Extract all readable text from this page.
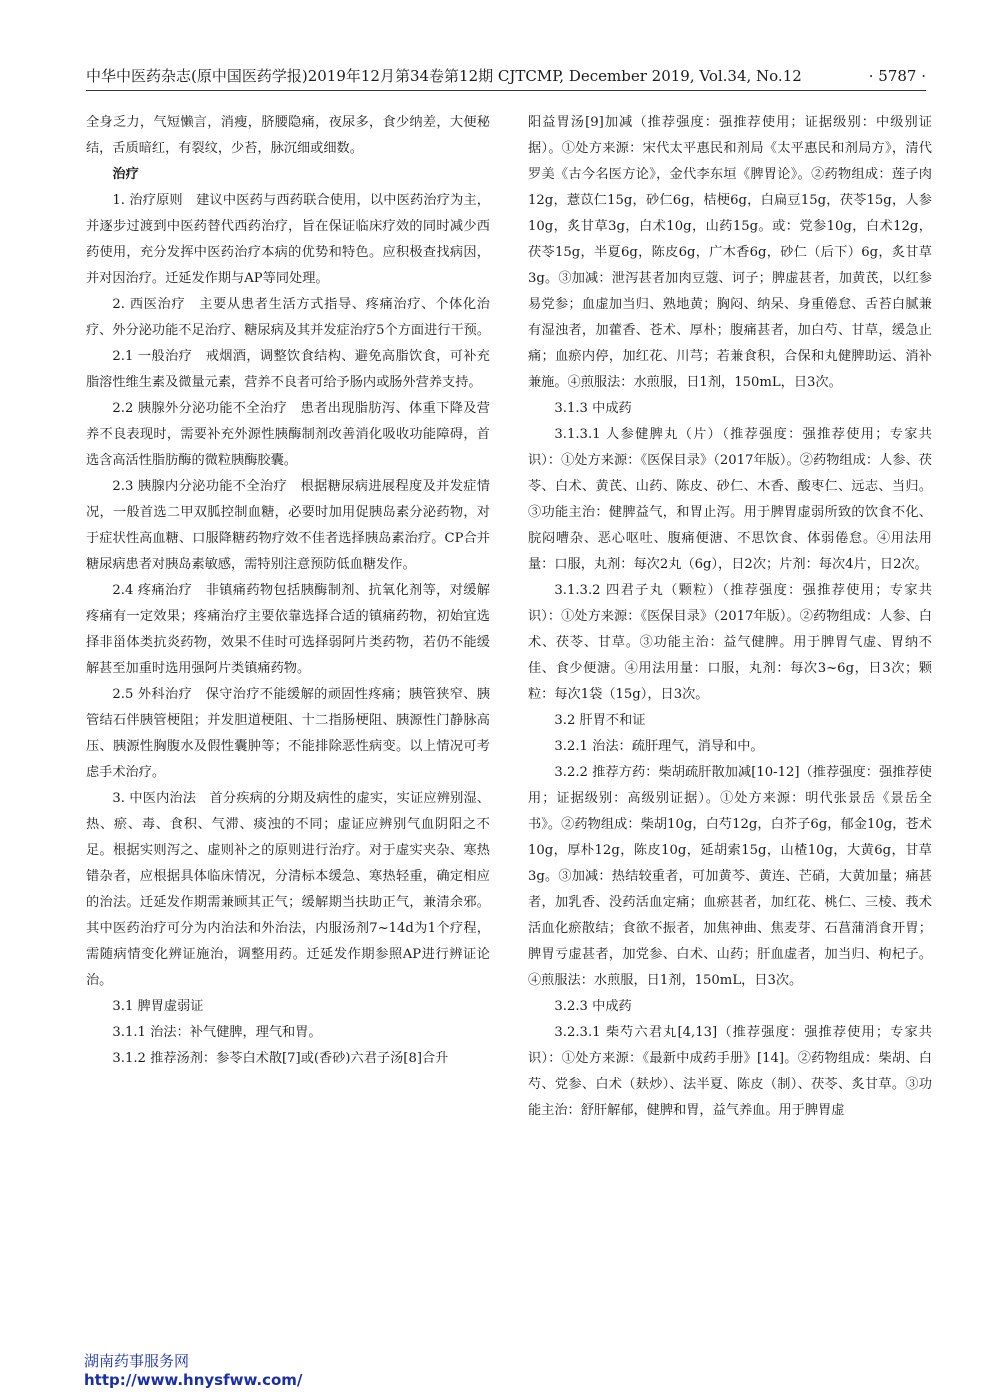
中华中医药杂志(原中国医药学报)2019年12月第34卷第12期 CJTCMP, December 2019, Vol.34, No.12	· 5787 ·

全身乏力，气短懒言，消瘦，脐腰隐痛，夜尿多，食少纳差，大便秘结，舌质暗红，有裂纹，少苔，脉沉细或细数。

治疗

1. 治疗原则　建议中医药与西药联合使用，以中医药治疗为主，并逐步过渡到中医药替代西药治疗，旨在保证临床疗效的同时减少西药使用，充分发挥中医药治疗本病的优势和特色。应积极查找病因，并对因治疗。迁延发作期与AP等同处理。

2. 西医治疗　主要从患者生活方式指导、疼痛治疗、个体化治疗、外分泌功能不足治疗、糖尿病及其并发症治疗5个方面进行干预。

2.1 一般治疗　戒烟酒，调整饮食结构、避免高脂饮食，可补充脂溶性维生素及微量元素，营养不良者可给予肠内或肠外营养支持。

2.2 胰腺外分泌功能不全治疗　患者出现脂肪泻、体重下降及营养不良表现时，需要补充外源性胰酶制剂改善消化吸收功能障碍，首选含高活性脂肪酶的微粒胰酶胶囊。

2.3 胰腺内分泌功能不全治疗　根据糖尿病进展程度及并发症情况，一般首选二甲双胍控制血糖，必要时加用促胰岛素分泌药物，对于症状性高血糖、口服降糖药物疗效不佳者选择胰岛素治疗。CP合并糖尿病患者对胰岛素敏感，需特别注意预防低血糖发作。

2.4 疼痛治疗　非镇痛药物包括胰酶制剂、抗氧化剂等，对缓解疼痛有一定效果；疼痛治疗主要依靠选择合适的镇痛药物，初始宜选择非甾体类抗炎药物，效果不佳时可选择弱阿片类药物，若仍不能缓解甚至加重时选用强阿片类镇痛药物。

2.5 外科治疗　保守治疗不能缓解的顽固性疼痛；胰管狭窄、胰管结石伴胰管梗阻；并发胆道梗阻、十二指肠梗阻、胰源性门静脉高压、胰源性胸腹水及假性囊肿等；不能排除恶性病变。以上情况可考虑手术治疗。

3. 中医内治法　首分疾病的分期及病性的虚实，实证应辨别湿、热、瘀、毒、食积、气滞、痰浊的不同；虚证应辨别气血阴阳之不足。根据实则泻之、虚则补之的原则进行治疗。对于虚实夹杂、寒热错杂者，应根据具体临床情况，分清标本缓急、寒热轻重，确定相应的治法。迁延发作期需兼顾其正气；缓解期当扶助正气，兼清余邪。其中医药治疗可分为内治法和外治法，内服汤剂7~14d为1个疗程，需随病情变化辨证施治，调整用药。迁延发作期参照AP进行辨证论治。

3.1 脾胃虚弱证

3.1.1 治法：补气健脾，理气和胃。

3.1.2 推荐汤剂：参苓白术散[7]或(香砂)六君子汤[8]合升

阳益胃汤[9]加减（推荐强度：强推荐使用；证据级别：中级别证据）。①处方来源：宋代太平惠民和剂局《太平惠民和剂局方》，清代罗美《古今名医方论》，金代李东垣《脾胃论》。②药物组成：莲子肉12g，薏苡仁15g，砂仁6g，桔梗6g，白扁豆15g，茯苓15g，人参10g，炙甘草3g，白术10g，山药15g。或：党参10g，白术12g，茯苓15g，半夏6g，陈皮6g，广木香6g，砂仁（后下）6g，炙甘草3g。③加减：泄泻甚者加肉豆蔻、诃子；脾虚甚者，加黄芪，以红参易党参；血虚加当归、熟地黄；胸闷、纳呆、身重倦怠、舌苔白腻兼有湿浊者，加藿香、苍术、厚朴；腹痛甚者，加白芍、甘草，缓急止痛；血瘀内停，加红花、川芎；若兼食积，合保和丸健脾助运、消补兼施。④煎服法：水煎服，日1剂，150mL，日3次。

3.1.3 中成药

3.1.3.1 人参健脾丸（片）（推荐强度：强推荐使用；专家共识）：①处方来源：《医保目录》（2017年版）。②药物组成：人参、茯苓、白术、黄芪、山药、陈皮、砂仁、木香、酸枣仁、远志、当归。③功能主治：健脾益气，和胃止泻。用于脾胃虚弱所致的饮食不化、脘闷嘈杂、恶心呕吐、腹痛便溏、不思饮食、体弱倦怠。④用法用量：口服，丸剂：每次2丸（6g），日2次；片剂：每次4片，日2次。

3.1.3.2 四君子丸（颗粒）（推荐强度：强推荐使用；专家共识）：①处方来源：《医保目录》（2017年版）。②药物组成：人参、白术、茯苓、甘草。③功能主治：益气健脾。用于脾胃气虚、胃纳不佳、食少便溏。④用法用量：口服，丸剂：每次3~6g，日3次；颗粒：每次1袋（15g），日3次。

3.2 肝胃不和证

3.2.1 治法：疏肝理气，消导和中。

3.2.2 推荐方药：柴胡疏肝散加减[10-12]（推荐强度：强推荐使用；证据级别：高级别证据）。①处方来源：明代张景岳《景岳全书》。②药物组成：柴胡10g，白芍12g，白芥子6g，郁金10g，苍术10g，厚朴12g，陈皮10g，延胡索15g，山楂10g，大黄6g，甘草3g。③加减：热结较重者，可加黄芩、黄连、芒硝，大黄加量；痛甚者，加乳香、没药活血定痛；血瘀甚者，加红花、桃仁、三棱、莪术活血化瘀散结；食欲不振者，加焦神曲、焦麦芽、石菖蒲消食开胃；脾胃亏虚甚者，加党参、白术、山药；肝血虚者，加当归、枸杞子。④煎服法：水煎服，日1剂，150mL，日3次。

3.2.3 中成药

3.2.3.1 柴芍六君丸[4,13]（推荐强度：强推荐使用；专家共识）：①处方来源：《最新中成药手册》[14]。②药物组成：柴胡、白芍、党参、白术（麸炒）、法半夏、陈皮（制）、茯苓、炙甘草。③功能主治：舒肝解郁，健脾和胃，益气养血。用于脾胃虚

湖南药事服务网
http://www.hnysfww.com/
